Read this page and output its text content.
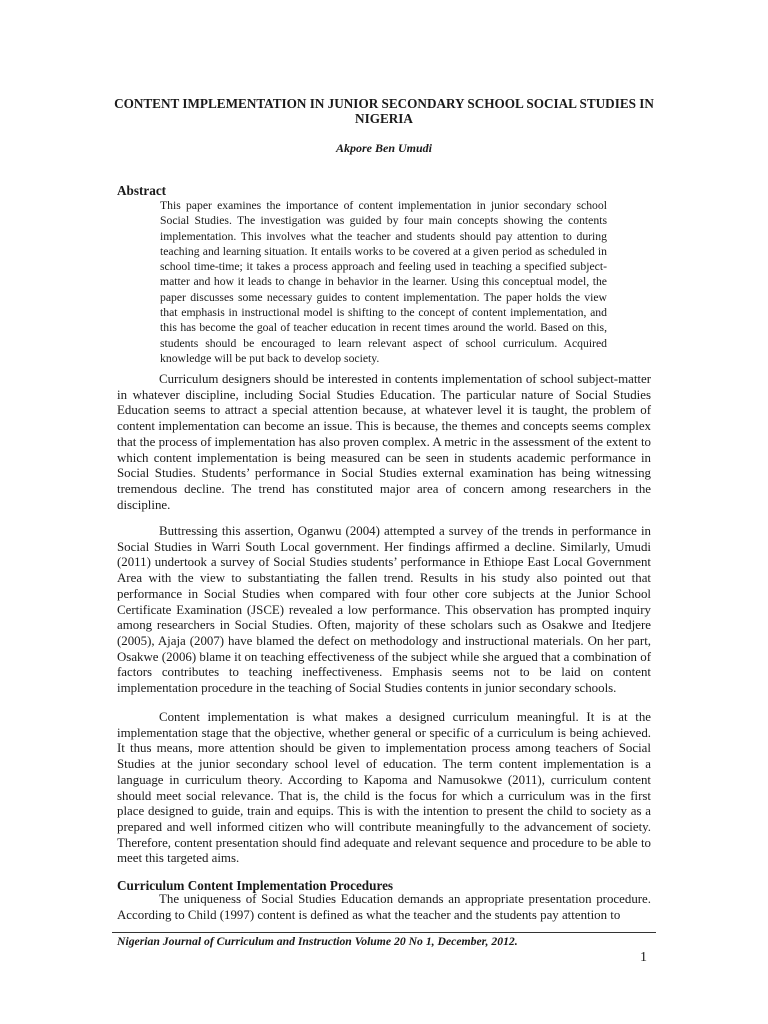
CONTENT IMPLEMENTATION IN JUNIOR SECONDARY SCHOOL SOCIAL STUDIES IN NIGERIA
Akpore Ben Umudi
Abstract

This paper examines the importance of content implementation in junior secondary school Social Studies. The investigation was guided by four main concepts showing the contents implementation. This involves what the teacher and students should pay attention to during teaching and learning situation. It entails works to be covered at a given period as scheduled in school time-time; it takes a process approach and feeling used in teaching a specified subject-matter and how it leads to change in behavior in the learner. Using this conceptual model, the paper discusses some necessary guides to content implementation. The paper holds the view that emphasis in instructional model is shifting to the concept of content implementation, and this has become the goal of teacher education in recent times around the world. Based on this, students should be encouraged to learn relevant aspect of school curriculum. Acquired knowledge will be put back to develop society.

Curriculum designers should be interested in contents implementation of school subject-matter in whatever discipline, including Social Studies Education. The particular nature of Social Studies Education seems to attract a special attention because, at whatever level it is taught, the problem of content implementation can become an issue. This is because, the themes and concepts seems complex that the process of implementation has also proven complex. A metric in the assessment of the extent to which content implementation is being measured can be seen in students academic performance in Social Studies. Students’ performance in Social Studies external examination has being witnessing tremendous decline. The trend has constituted major area of concern among researchers in the discipline.

Buttressing this assertion, Oganwu (2004) attempted a survey of the trends in performance in Social Studies in Warri South Local government. Her findings affirmed a decline. Similarly, Umudi (2011) undertook a survey of Social Studies students’ performance in Ethiope East Local Government Area with the view to substantiating the fallen trend. Results in his study also pointed out that performance in Social Studies when compared with four other core subjects at the Junior School Certificate Examination (JSCE) revealed a low performance. This observation has prompted inquiry among researchers in Social Studies. Often, majority of these scholars such as Osakwe and Itedjere (2005), Ajaja (2007) have blamed the defect on methodology and instructional materials. On her part, Osakwe (2006) blame it on teaching effectiveness of the subject while she argued that a combination of factors contributes to teaching ineffectiveness. Emphasis seems not to be laid on content implementation procedure in the teaching of Social Studies contents in junior secondary schools.

Content implementation is what makes a designed curriculum meaningful. It is at the implementation stage that the objective, whether general or specific of a curriculum is being achieved. It thus means, more attention should be given to implementation process among teachers of Social Studies at the junior secondary school level of education. The term content implementation is a language in curriculum theory. According to Kapoma and Namusokwe (2011), curriculum content should meet social relevance. That is, the child is the focus for which a curriculum was in the first place designed to guide, train and equips. This is with the intention to present the child to society as a prepared and well informed citizen who will contribute meaningfully to the advancement of society. Therefore, content presentation should find adequate and relevant sequence and procedure to be able to meet this targeted aims.

Curriculum Content Implementation Procedures

The uniqueness of Social Studies Education demands an appropriate presentation procedure. According to Child (1997) content is defined as what the teacher and the students pay attention to

Nigerian Journal of Curriculum and Instruction Volume 20 No 1, December, 2012.
1
